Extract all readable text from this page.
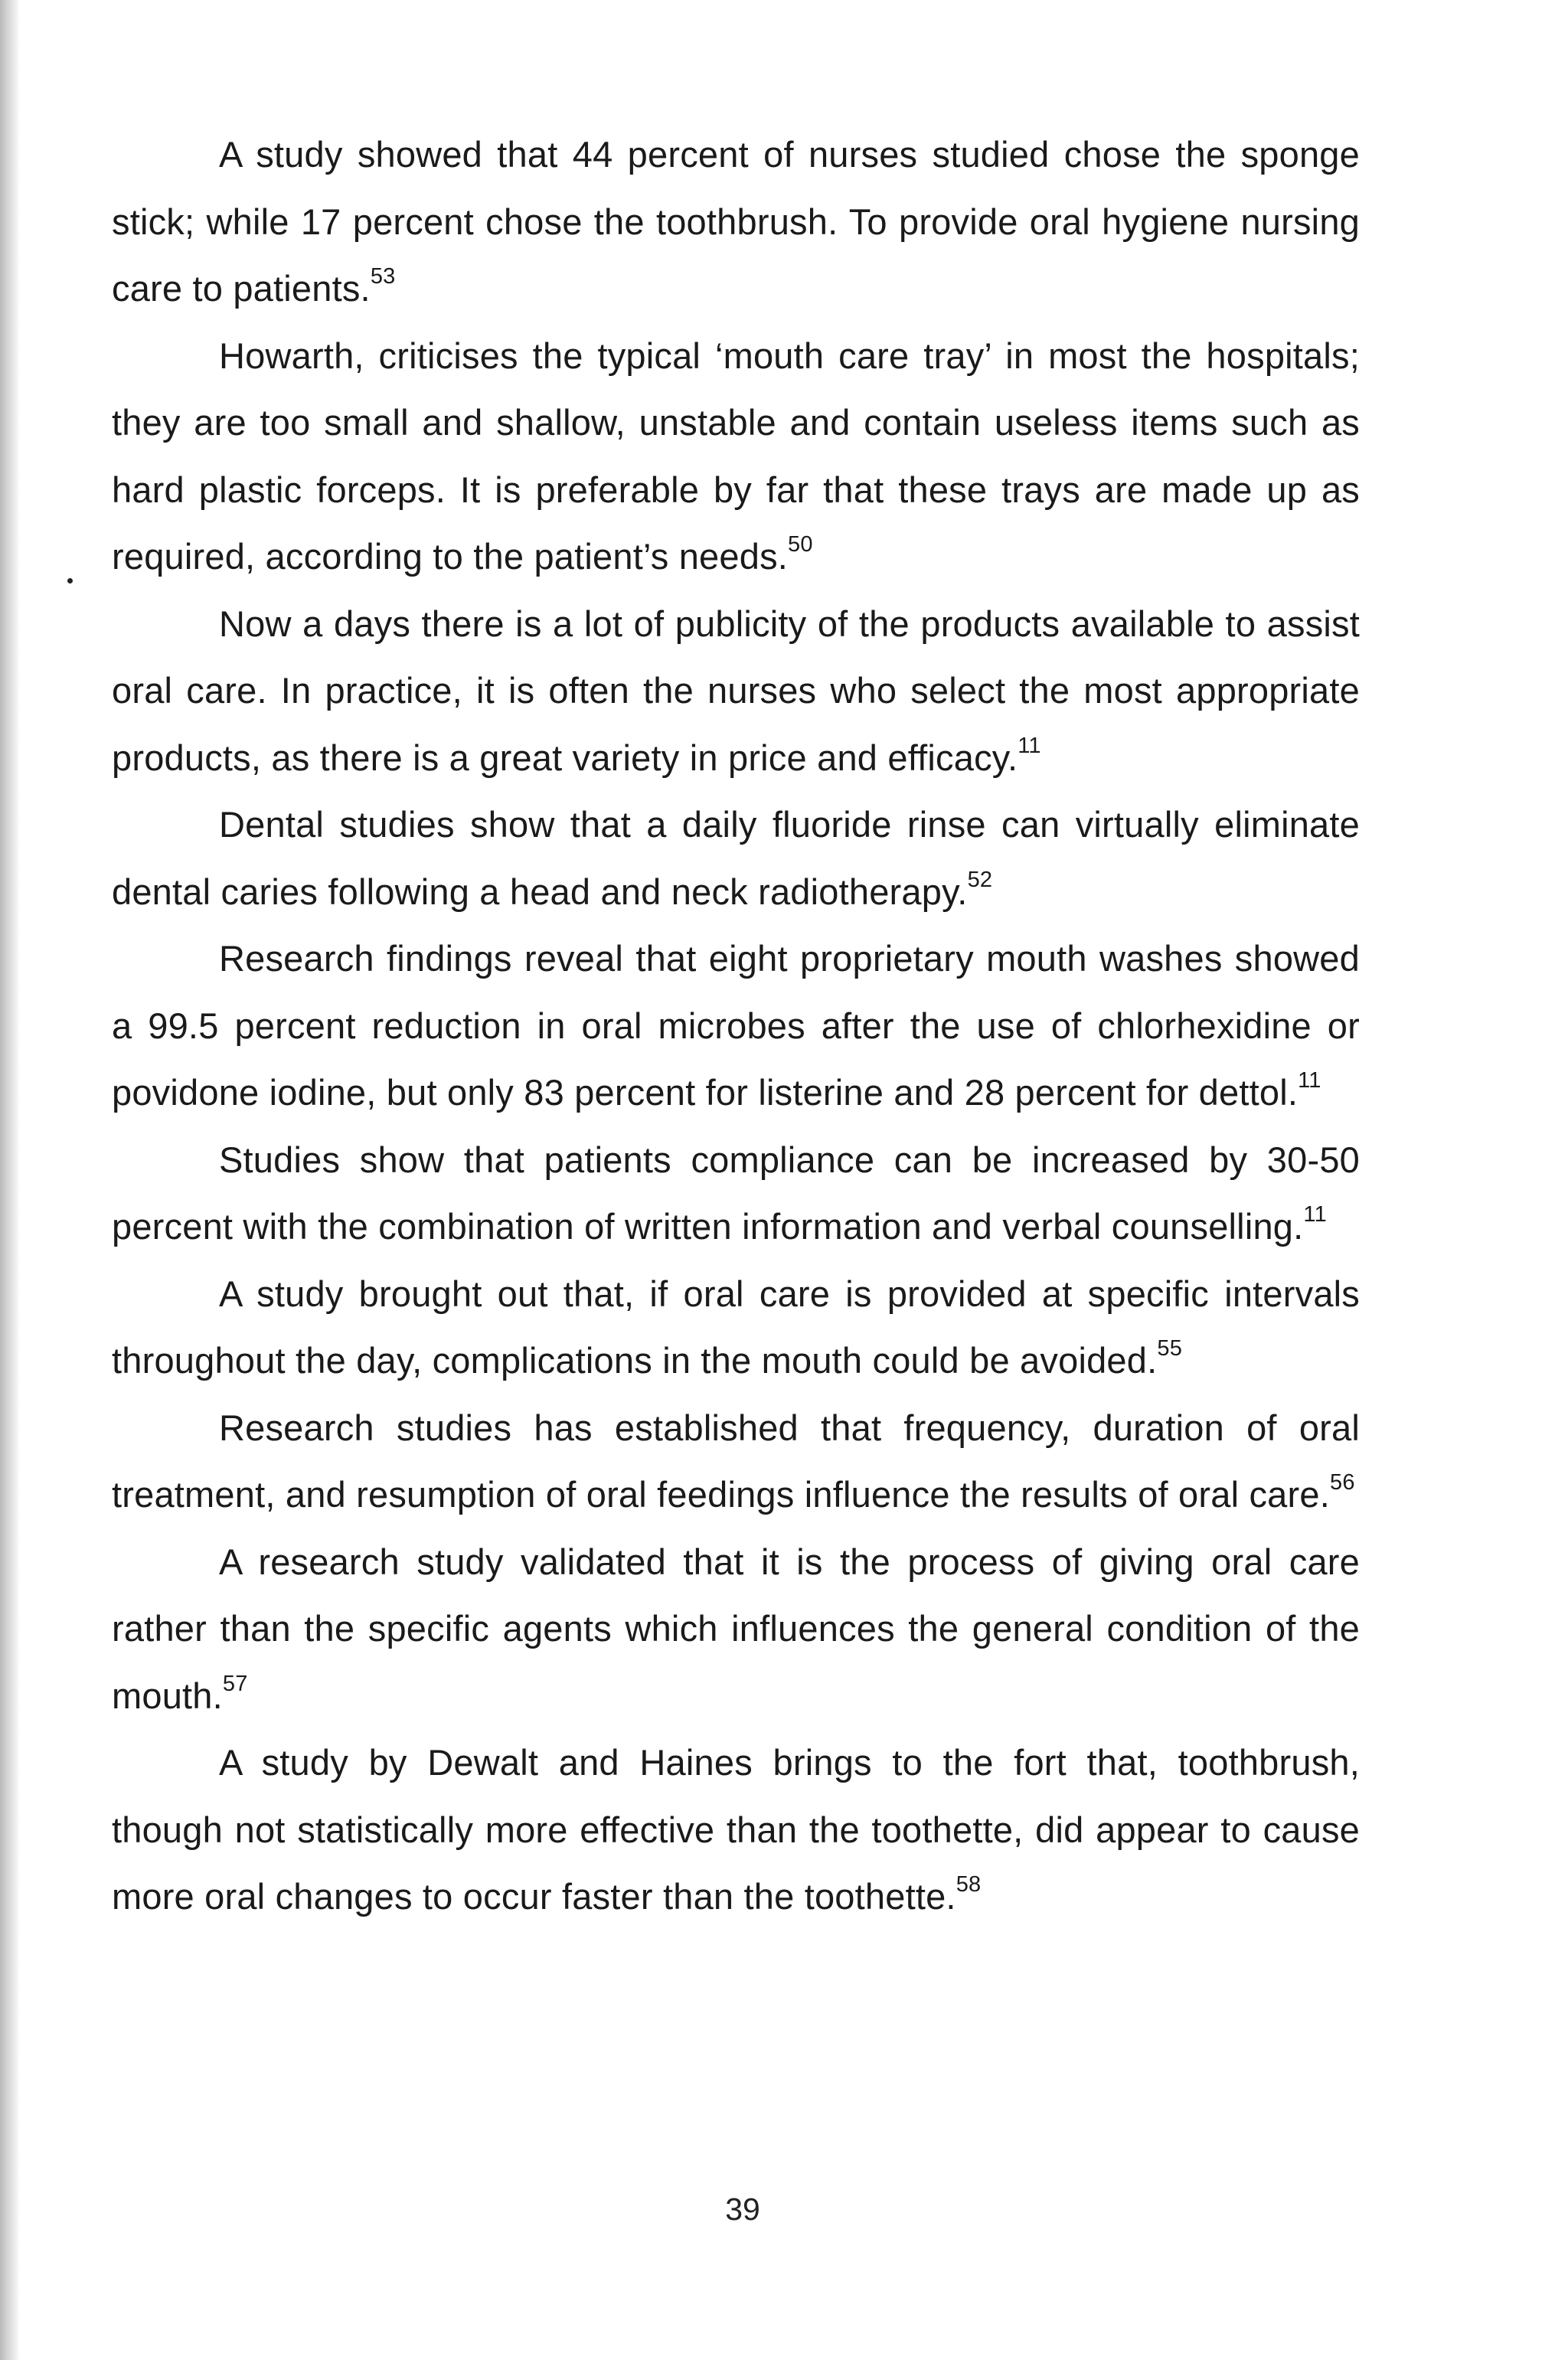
A study showed that 44 percent of nurses studied chose the sponge stick; while 17 percent chose the toothbrush. To provide oral hygiene nursing care to patients.$^{53}$

Howarth, criticises the typical ‘mouth care tray’ in most the hospitals; they are too small and shallow, unstable and contain useless items such as hard plastic forceps. It is preferable by far that these trays are made up as required, according to the patient’s needs.$^{50}$

Now a days there is a lot of publicity of the products available to assist oral care. In practice, it is often the nurses who select the most appropriate products, as there is a great variety in price and efficacy.$^{11}$

Dental studies show that a daily fluoride rinse can virtually eliminate dental caries following a head and neck radiotherapy.$^{52}$

Research findings reveal that eight proprietary mouth washes showed a 99.5 percent reduction in oral microbes after the use of chlorhexidine or povidone iodine, but only 83 percent for listerine and 28 percent for dettol.$^{11}$

Studies show that patients compliance can be increased by 30-50 percent with the combination of written information and verbal counselling.$^{11}$

A study brought out that, if oral care is provided at specific intervals throughout the day, complications in the mouth could be avoided.$^{55}$

Research studies has established that frequency, duration of oral treatment, and resumption of oral feedings influence the results of oral care.$^{56}$

A research study validated that it is the process of giving oral care rather than the specific agents which influences the general condition of the mouth.$^{57}$

A study by Dewalt and Haines brings to the fort that, toothbrush, though not statistically more effective than the toothette, did appear to cause more oral changes to occur faster than the toothette.$^{58}$

39
